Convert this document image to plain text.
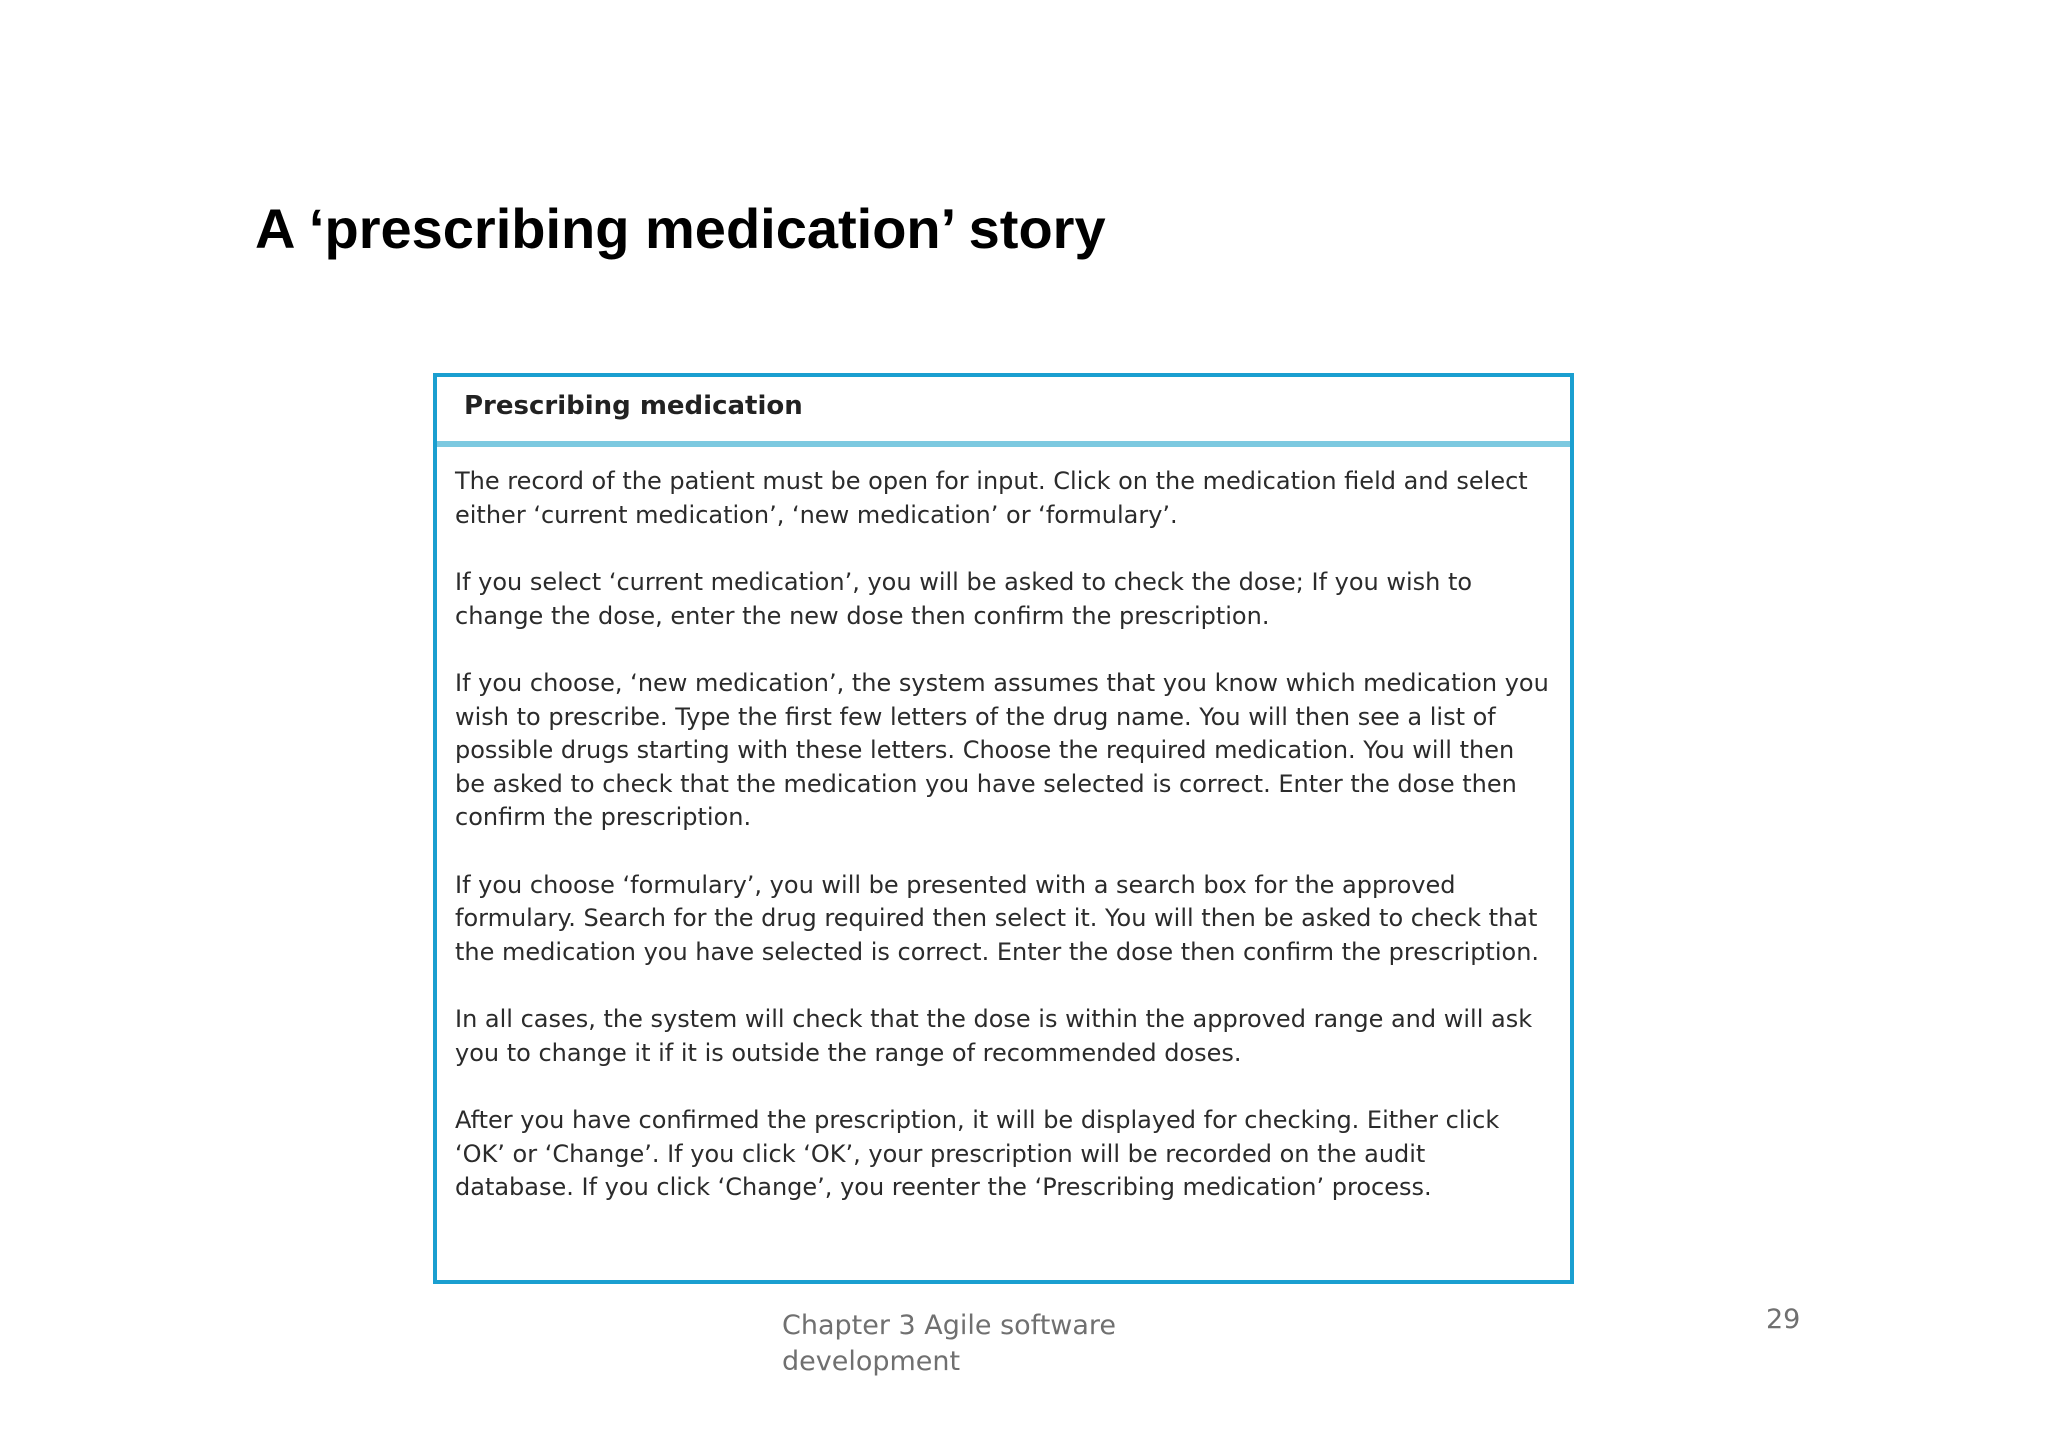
A ‘prescribing medication’ story
Prescribing medication

The record of the patient must be open for input. Click on the medication field and select either ‘current medication’, ‘new medication’ or ‘formulary’.

If you select ‘current medication’, you will be asked to check the dose; If you wish to change the dose, enter the new dose then confirm the prescription.

If you choose, ‘new medication’, the system assumes that you know which medication you wish to prescribe. Type the first few letters of the drug name. You will then see a list of possible drugs starting with these letters. Choose the required medication. You will then be asked to check that the medication you have selected is correct. Enter the dose then confirm the prescription.

If you choose ‘formulary’, you will be presented with a search box for the approved formulary. Search for the drug required then select it. You will then be asked to check that the medication you have selected is correct. Enter the dose then confirm the prescription.

In all cases, the system will check that the dose is within the approved range and will ask you to change it if it is outside the range of recommended doses.

After you have confirmed the prescription, it will be displayed for checking. Either click ‘OK’ or ‘Change’. If you click ‘OK’, your prescription will be recorded on the audit database. If you click ‘Change’, you reenter the ‘Prescribing medication’ process.

Chapter 3 Agile software development
29
